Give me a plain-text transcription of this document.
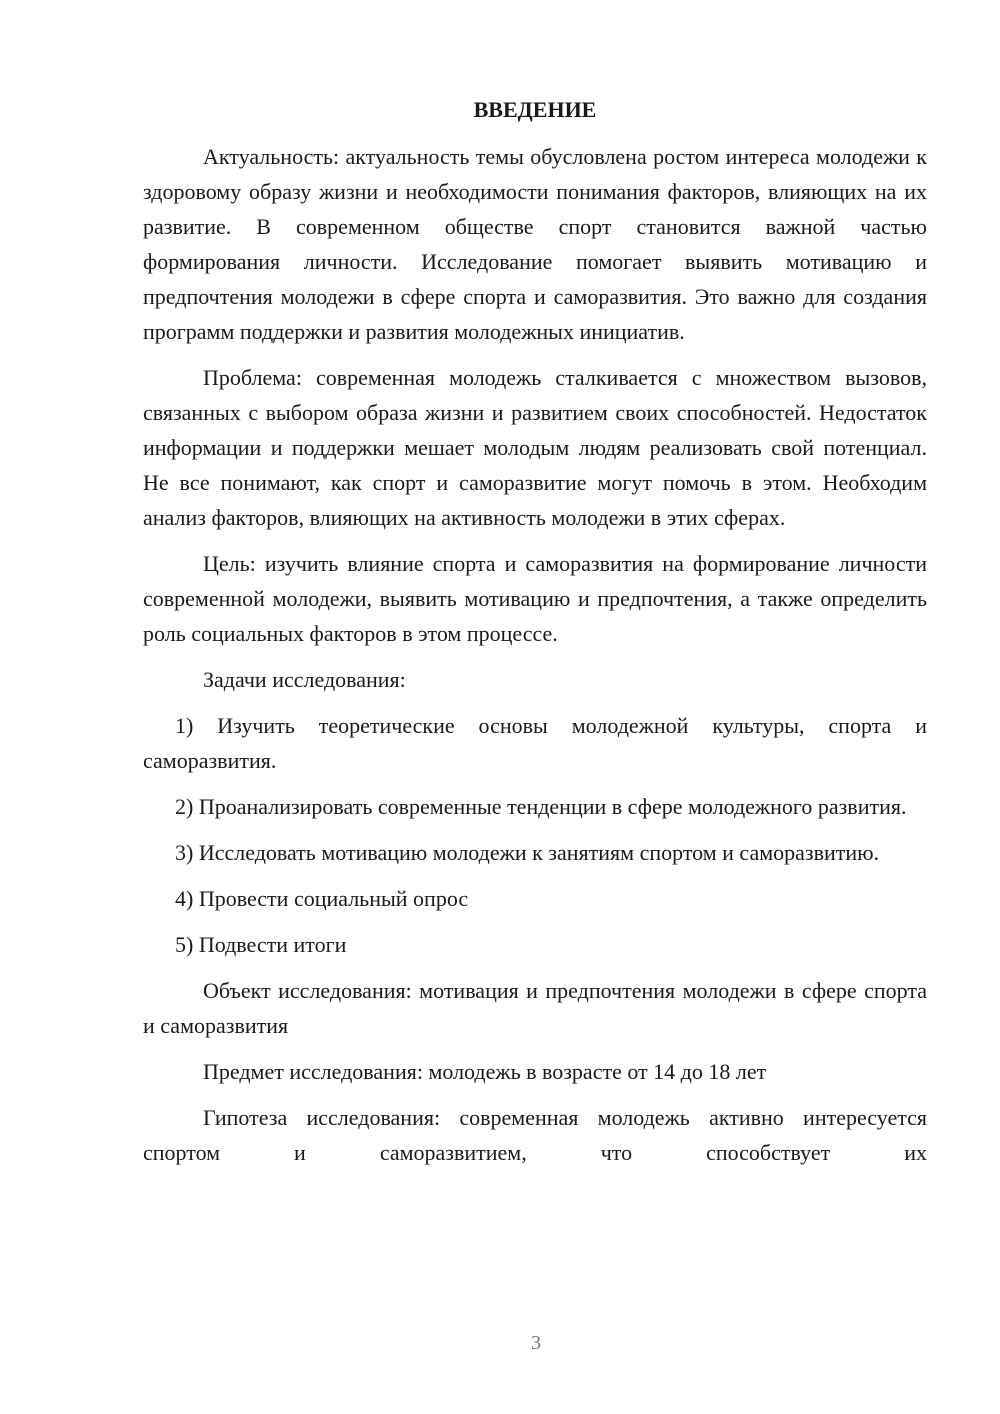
ВВЕДЕНИЕ

Актуальность: актуальность темы обусловлена ростом интереса молодежи к здоровому образу жизни и необходимости понимания факторов, влияющих на их развитие. В современном обществе спорт становится важной частью формирования личности. Исследование помогает выявить мотивацию и предпочтения молодежи в сфере спорта и саморазвития. Это важно для создания программ поддержки и развития молодежных инициатив.

Проблема: современная молодежь сталкивается с множеством вызовов, связанных с выбором образа жизни и развитием своих способностей. Недостаток информации и поддержки мешает молодым людям реализовать свой потенциал. Не все понимают, как спорт и саморазвитие могут помочь в этом. Необходим анализ факторов, влияющих на активность молодежи в этих сферах.

Цель: изучить влияние спорта и саморазвития на формирование личности современной молодежи, выявить мотивацию и предпочтения, а также определить роль социальных факторов в этом процессе.

Задачи исследования:

1) Изучить теоретические основы молодежной культуры, спорта и саморазвития.

2) Проанализировать современные тенденции в сфере молодежного развития.

3) Исследовать мотивацию молодежи к занятиям спортом и саморазвитию.

4) Провести социальный опрос

5) Подвести итоги

Объект исследования: мотивация и предпочтения молодежи в сфере спорта и саморазвития

Предмет исследования: молодежь в возрасте от 14 до 18 лет

Гипотеза исследования: современная молодежь активно интересуется спортом и саморазвитием, что способствует их

3
